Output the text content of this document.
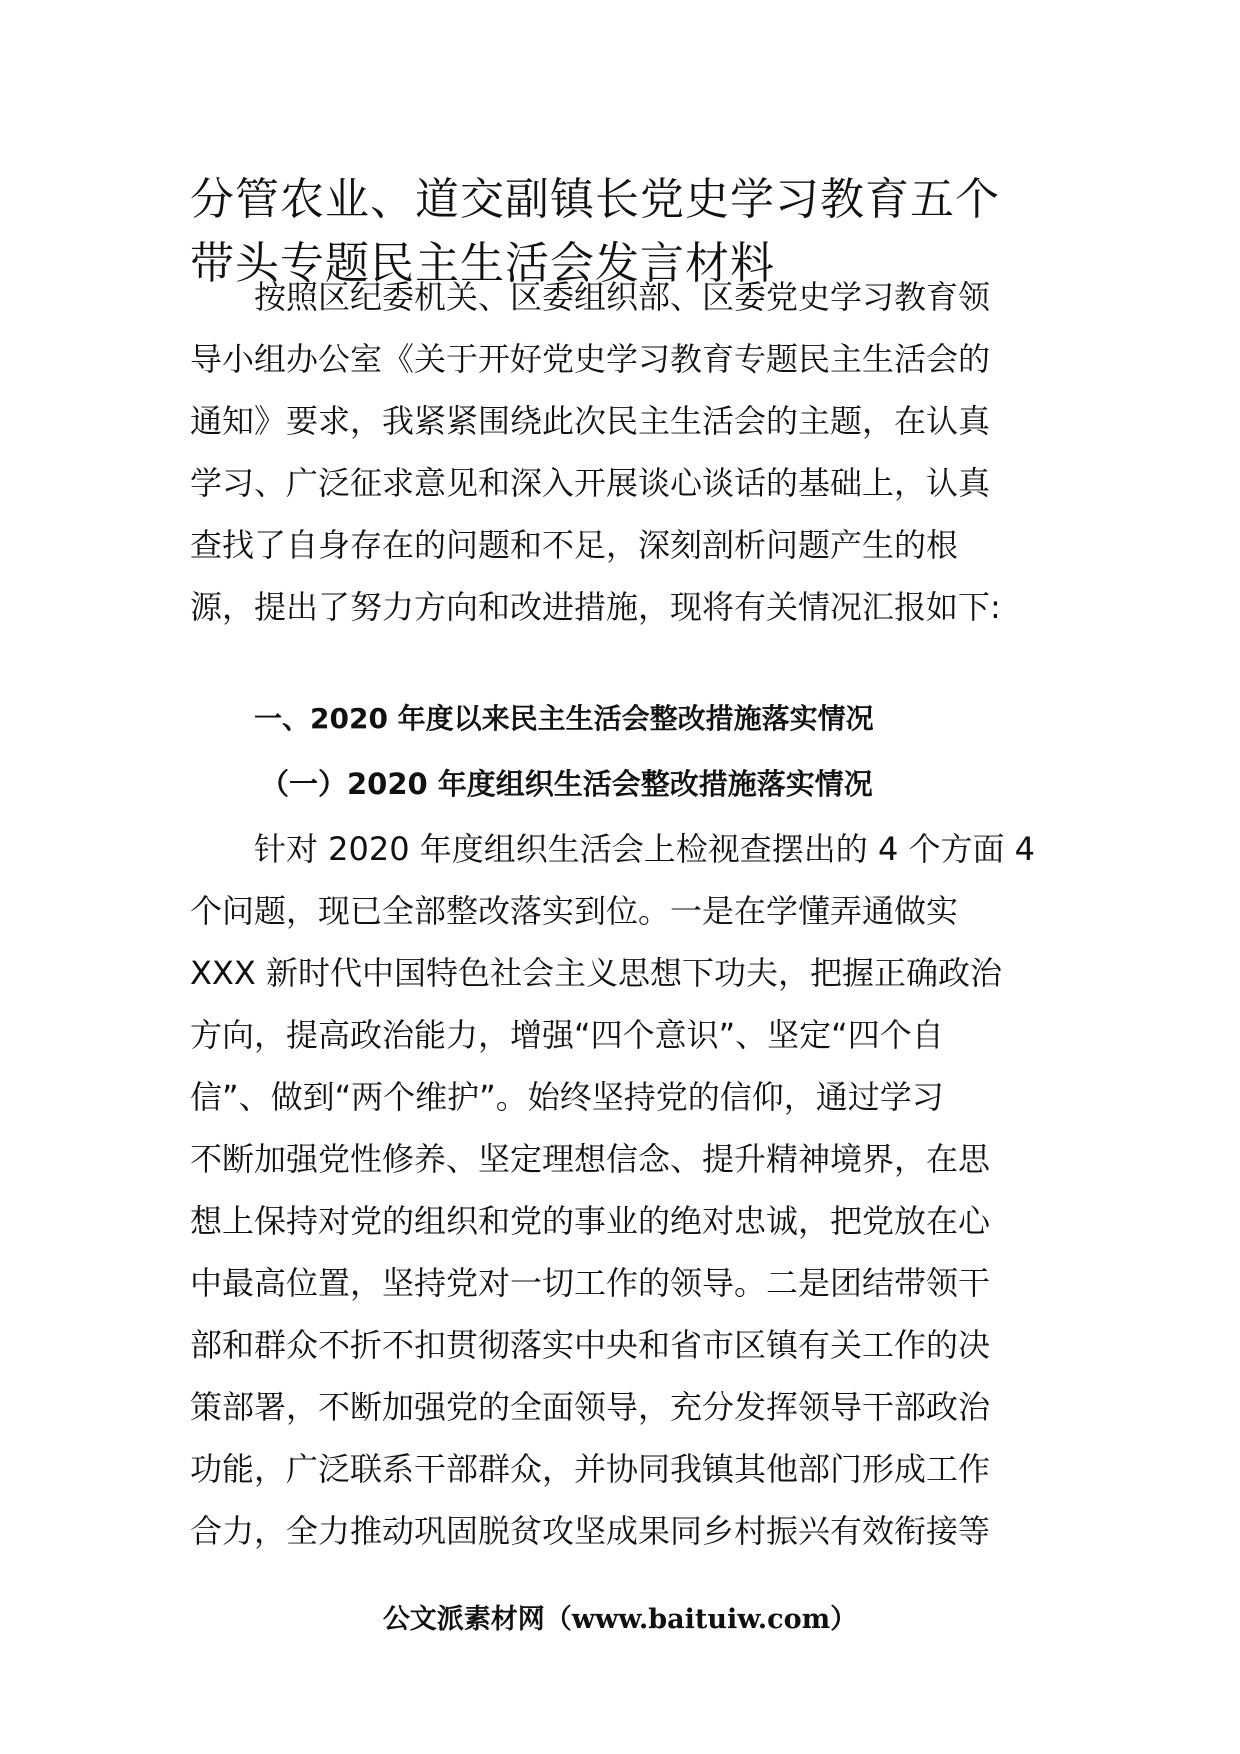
分管农业、道交副镇长党史学习教育五个
带头专题民主生活会发言材料
按照区纪委机关、区委组织部、区委党史学习教育领
导小组办公室《关于开好党史学习教育专题民主生活会的
通知》要求，我紧紧围绕此次民主生活会的主题，在认真
学习、广泛征求意见和深入开展谈心谈话的基础上，认真
查找了自身存在的问题和不足，深刻剖析问题产生的根
源，提出了努力方向和改进措施，现将有关情况汇报如下:
一、2020 年度以来民主生活会整改措施落实情况
（一）2020 年度组织生活会整改措施落实情况
针对 2020 年度组织生活会上检视查摆出的 4 个方面 4
个问题，现已全部整改落实到位。一是在学懂弄通做实
XXX 新时代中国特色社会主义思想下功夫，把握正确政治
方向，提高政治能力，增强“四个意识”、坚定“四个自
信”、做到“两个维护”。始终坚持党的信仰，通过学习
不断加强党性修养、坚定理想信念、提升精神境界，在思
想上保持对党的组织和党的事业的绝对忠诚，把党放在心
中最高位置，坚持党对一切工作的领导。二是团结带领干
部和群众不折不扣贯彻落实中央和省市区镇有关工作的决
策部署，不断加强党的全面领导，充分发挥领导干部政治
功能，广泛联系干部群众，并协同我镇其他部门形成工作
合力，全力推动巩固脱贫攻坚成果同乡村振兴有效衔接等
公文派素材网（www.baituiw.com）
